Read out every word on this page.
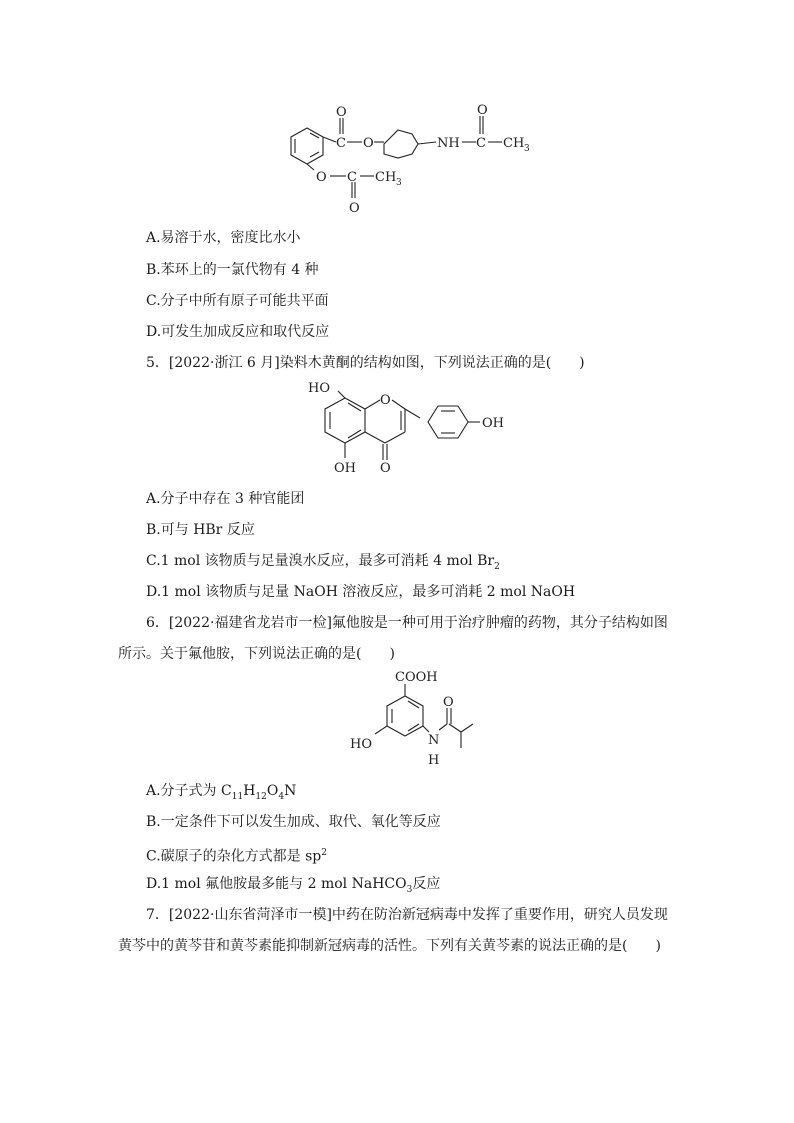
O
C O	NH
O
C CH 3
O C CH 3
O
A.易溶于水，密度比水小
B.苯环上的一氯代物有 4 种
C.分子中所有原子可能共平面
D.可发生加成反应和取代反应
5．[2022·浙江 6 月]染料木黄酮的结构如图，下列说法正确的是(　　)
HO
O
OH
OH O
A.分子中存在 3 种官能团
B.可与 HBr 反应
C.1 mol 该物质与足量溴水反应，最多可消耗 4 mol $Br_2$
D.1 mol 该物质与足量 NaOH 溶液反应，最多可消耗 2 mol NaOH
6．[2022·福建省龙岩市一检]氟他胺是一种可用于治疗肿瘤的药物，其分子结构如图
所示。关于氟他胺，下列说法正确的是(　　)
COOH
O
HO	N
H
A.分子式为 $C_{11}H_{12}O_4N$
B.一定条件下可以发生加成、取代、氧化等反应
C.碳原子的杂化方式都是 $sp^2$
D.1 mol 氟他胺最多能与 2 mol NaHCO$_3$反应
7．[2022·山东省菏泽市一模]中药在防治新冠病毒中发挥了重要作用，研究人员发现
黄芩中的黄芩苷和黄芩素能抑制新冠病毒的活性。下列有关黄芩素的说法正确的是(　　)
